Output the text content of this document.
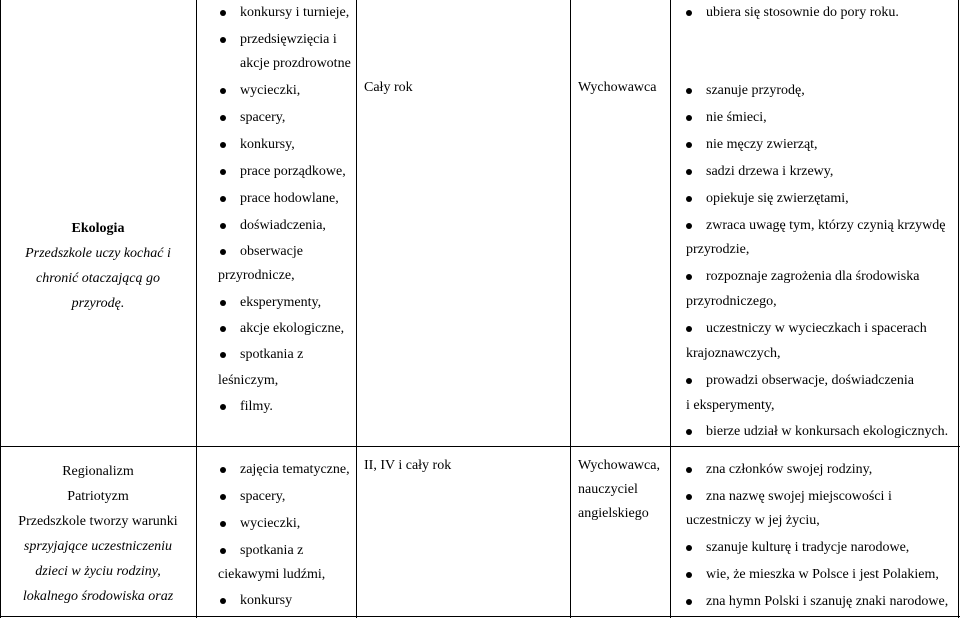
Ekologia
Przedszkole uczy kochać i
chronić otaczającą go
przyrodę.
konkursy i turnieje,
przedsięwzięcia i
akcje prozdrowotne
wycieczki,
spacery,
konkursy,
prace porządkowe,
prace hodowlane,
doświadczenia,
obserwacje
przyrodnicze,
eksperymenty,
akcje ekologiczne,
spotkania z
leśniczym,
filmy.
Cały rok	Wychowawca
ubiera się stosownie do pory roku.
szanuje przyrodę,
nie śmieci,
nie męczy zwierząt,
sadzi drzewa i krzewy,
opiekuje się zwierzętami,
zwraca uwagę tym, którzy czynią krzywdę
przyrodzie,
rozpoznaje zagrożenia dla środowiska
przyrodniczego,
uczestniczy w wycieczkach i spacerach
krajoznawczych,
prowadzi obserwacje, doświadczenia
i eksperymenty,
bierze udział w konkursach ekologicznych.
Regionalizm
Patriotyzm
Przedszkole tworzy warunki
sprzyjające uczestniczeniu
dzieci w życiu rodziny,
lokalnego środowiska oraz
zajęcia tematyczne,
spacery,
wycieczki,
spotkania z
ciekawymi ludźmi,
konkursy
II, IV i cały rok	Wychowawca,
nauczyciel
angielskiego
zna członków swojej rodziny,
zna nazwę swojej miejscowości i
uczestniczy w jej życiu,
szanuje kulturę i tradycje narodowe,
wie, że mieszka w Polsce i jest Polakiem,
zna hymn Polski i szanuję znaki narodowe,
